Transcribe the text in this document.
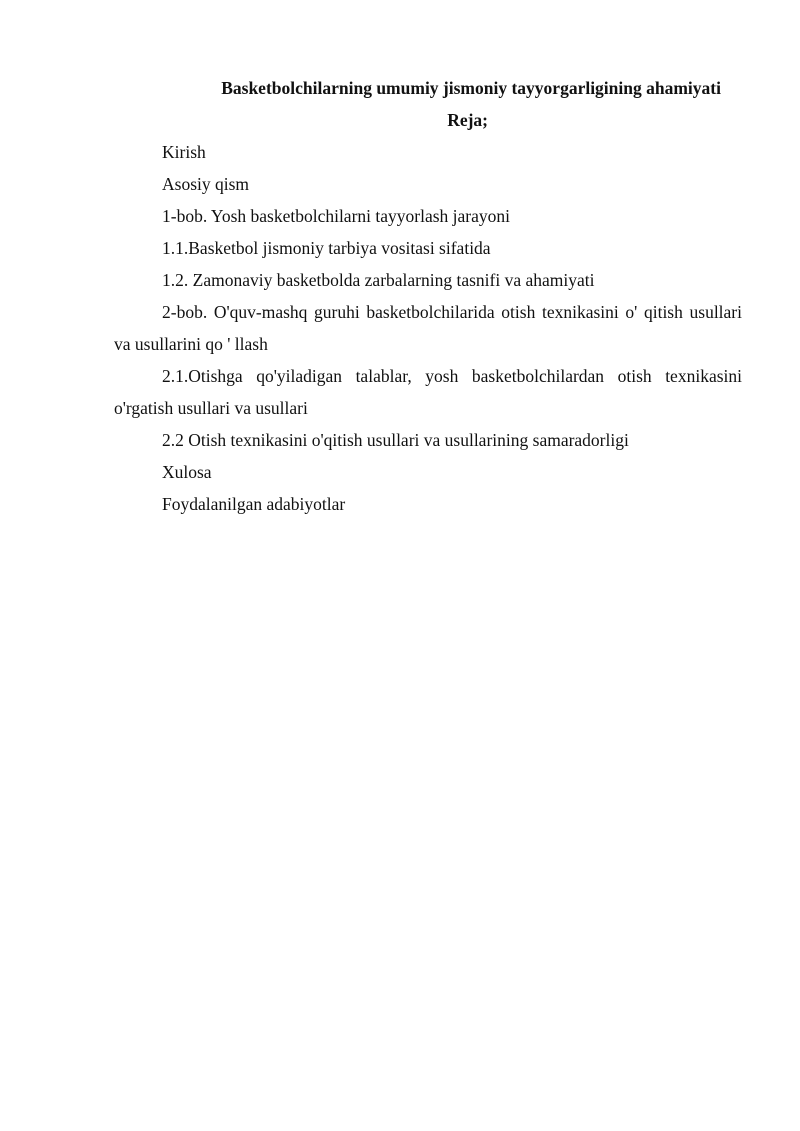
Basketbolchilarning umumiy jismoniy tayyorgarligining ahamiyati

Reja;

Kirish

Asosiy qism

1-bob. Yosh basketbolchilarni tayyorlash jarayoni

1.1.Basketbol jismoniy tarbiya vositasi sifatida

1.2. Zamonaviy basketbolda zarbalarning tasnifi va ahamiyati

2-bob. O'quv-mashq guruhi basketbolchilarida otish texnikasini o' qitish usullari va usullarini qo ' llash

2.1.Otishga qo'yiladigan talablar, yosh basketbolchilardan otish texnikasini o'rgatish usullari va usullari

2.2 Otish texnikasini o'qitish usullari va usullarining samaradorligi

Xulosa

Foydalanilgan adabiyotlar
